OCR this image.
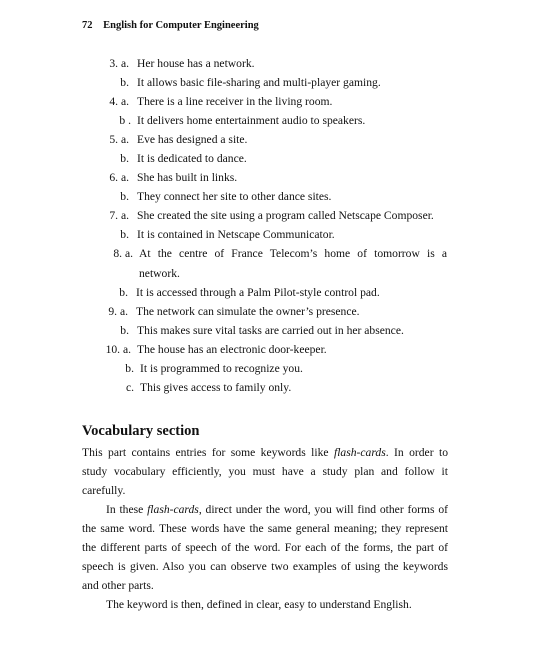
72 English for Computer Engineering
3. a. Her house has a network.
b. It allows basic file-sharing and multi-player gaming.
4. a. There is a line receiver in the living room.
b . It delivers home entertainment audio to speakers.
5. a. Eve has designed a site.
b. It is dedicated to dance.
6. a. She has built in links.
b. They connect her site to other dance sites.
7. a. She created the site using a program called Netscape Composer.
b. It is contained in Netscape Communicator.
8. a. At the centre of France Telecom’s home of tomorrow is a network.
b. It is accessed through a Palm Pilot-style control pad.
9. a. The network can simulate the owner’s presence.
b. This makes sure vital tasks are carried out in her absence.
10. a. The house has an electronic door-keeper.
b. It is programmed to recognize you.
c. This gives access to family only.
Vocabulary section

This part contains entries for some keywords like flash-cards. In order to study vocabulary efficiently, you must have a study plan and follow it carefully.

In these flash-cards, direct under the word, you will find other forms of the same word. These words have the same general meaning; they represent the different parts of speech of the word. For each of the forms, the part of speech is given. Also you can observe two examples of using the keywords and other parts.

The keyword is then, defined in clear, easy to understand English.
